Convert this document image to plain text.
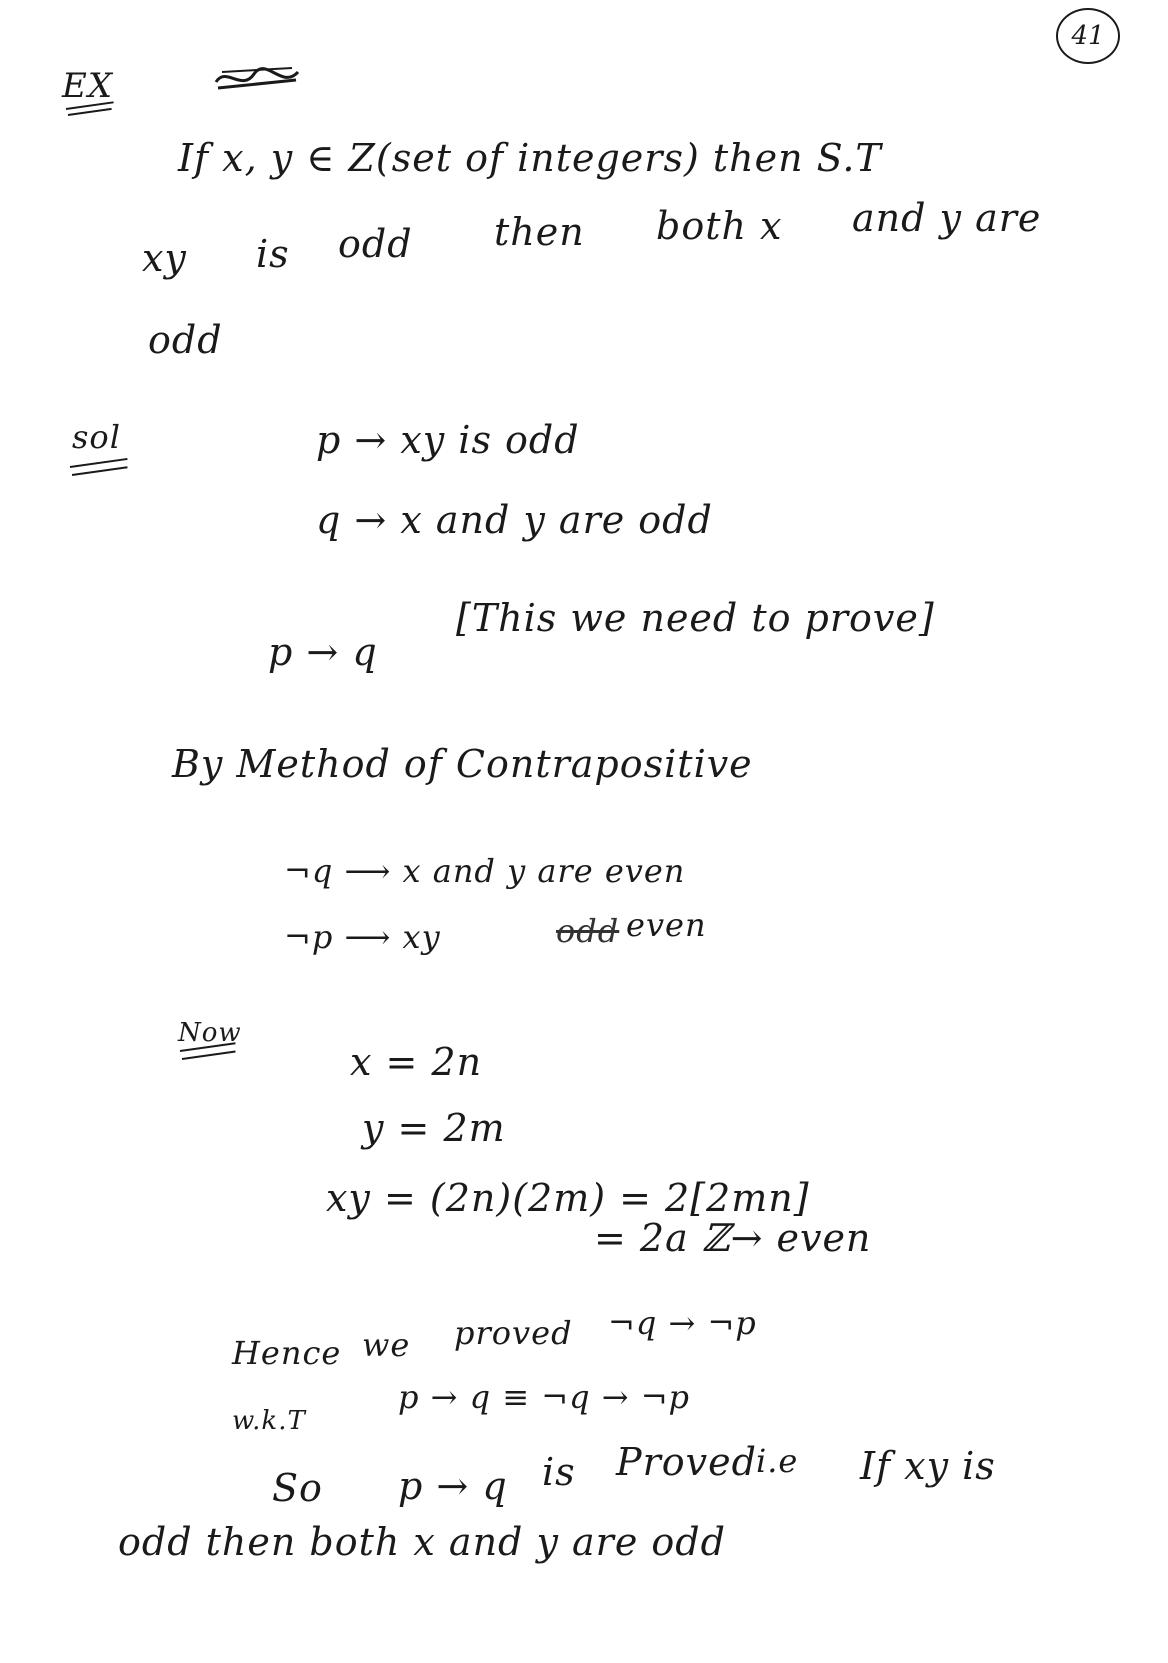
41
EX
If x, y ∈ Z(set of integers) then S.T
xy is odd then both x and y are
odd
sol	p → xy is odd
q → x and y are odd
p → q
[This we need to prove]
By Method of Contrapositive
¬q ⟶ x and y are even
¬p ⟶ xy	odd even
Now
x = 2n
y = 2m
xy = (2n)(2m) = 2[2mn]
= 2a ℤ→ even
Hence we proved ¬q → ¬p
w.k.T
p → q ≡ ¬q → ¬p
So p → q is Proved i.e If xy is
odd then both x and y are odd
